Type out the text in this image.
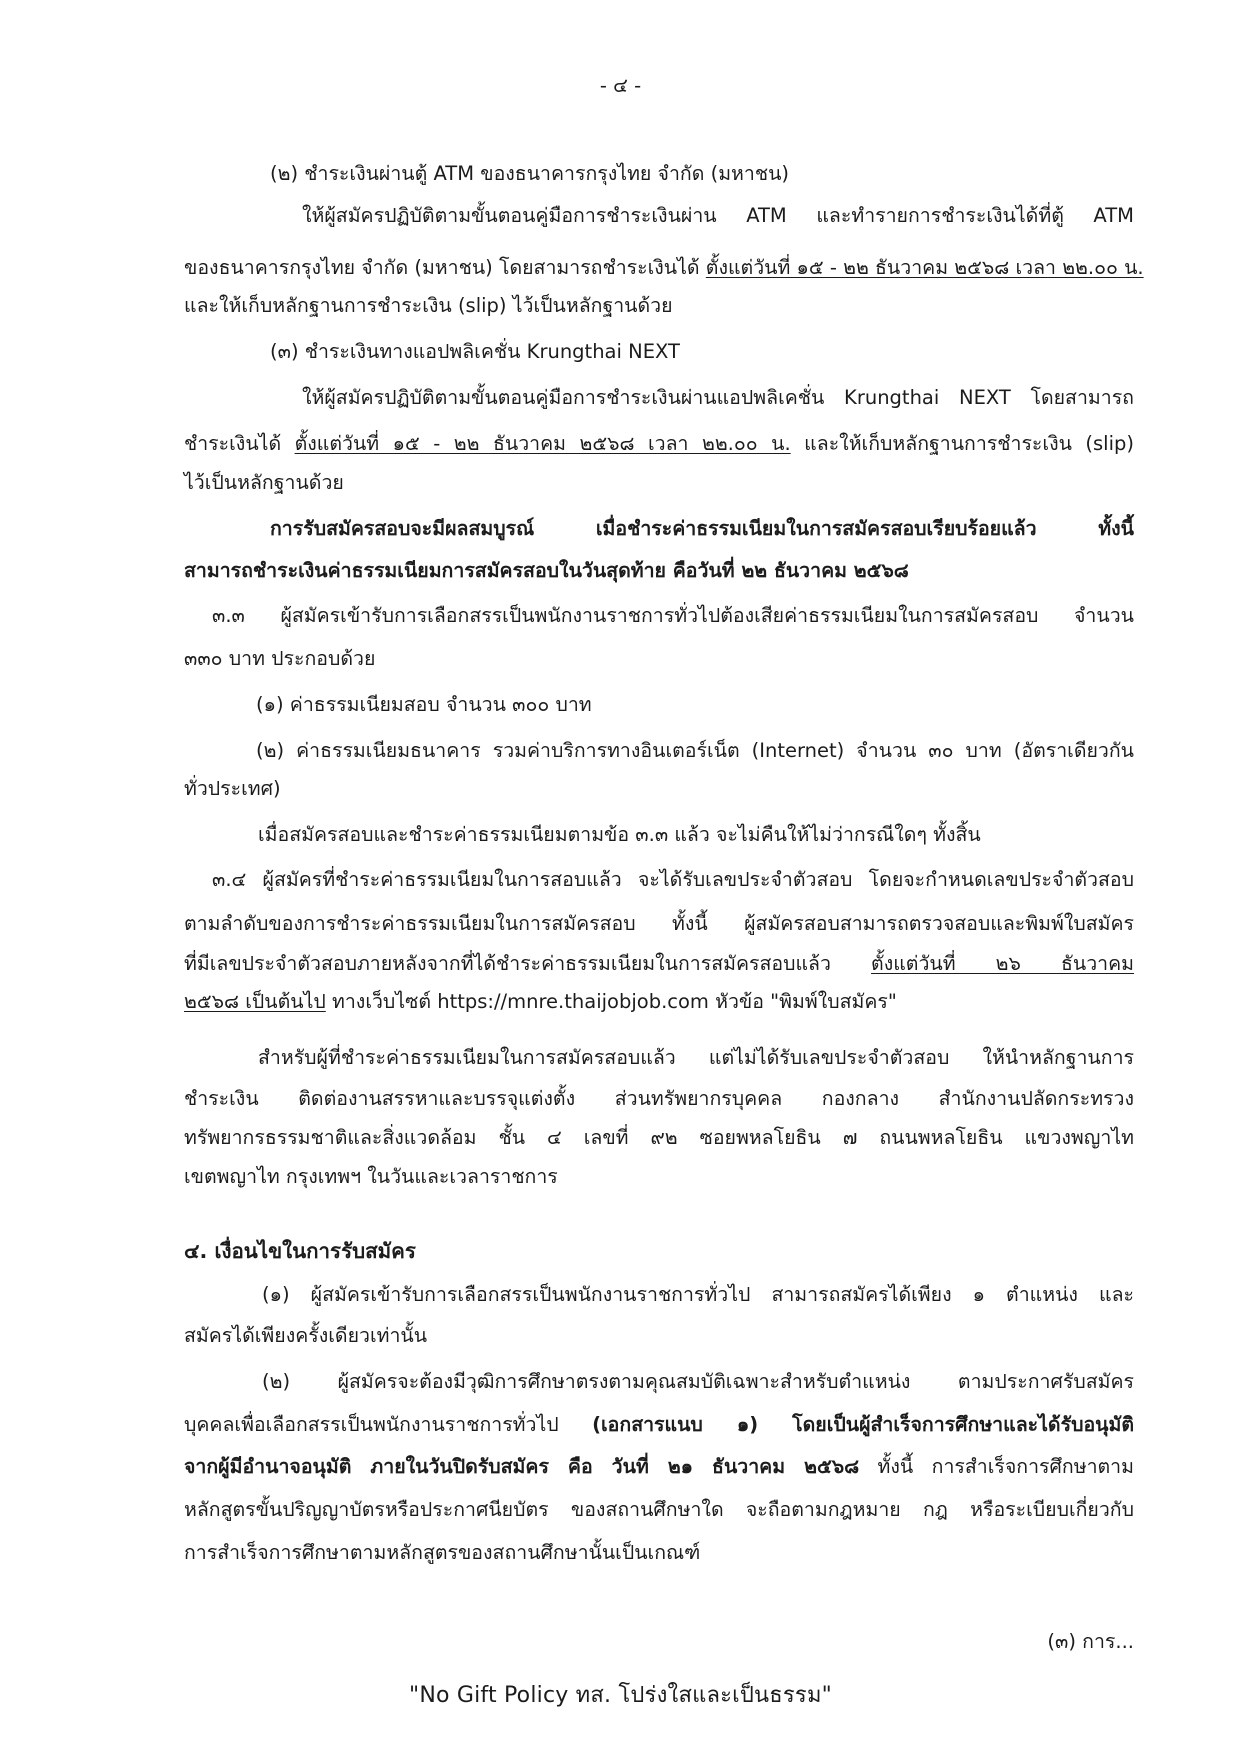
- ๔ -

(๒) ชำระเงินผ่านตู้ ATM ของธนาคารกรุงไทย จำกัด (มหาชน)

ให้ผู้สมัครปฏิบัติตามขั้นตอนคู่มือการชำระเงินผ่าน ATM และทำรายการชำระเงินได้ที่ตู้ ATM

ของธนาคารกรุงไทย จำกัด (มหาชน) โดยสามารถชำระเงินได้ ตั้งแต่วันที่ ๑๕ - ๒๒ ธันวาคม ๒๕๖๘ เวลา ๒๒.๐๐ น.

และให้เก็บหลักฐานการชำระเงิน (slip) ไว้เป็นหลักฐานด้วย

(๓) ชำระเงินทางแอปพลิเคชั่น Krungthai NEXT

ให้ผู้สมัครปฏิบัติตามขั้นตอนคู่มือการชำระเงินผ่านแอปพลิเคชั่น Krungthai NEXT โดยสามารถ

ชำระเงินได้ ตั้งแต่วันที่ ๑๕ - ๒๒ ธันวาคม ๒๕๖๘ เวลา ๒๒.๐๐ น. และให้เก็บหลักฐานการชำระเงิน (slip)

ไว้เป็นหลักฐานด้วย

การรับสมัครสอบจะมีผลสมบูรณ์ เมื่อชำระค่าธรรมเนียมในการสมัครสอบเรียบร้อยแล้ว ทั้งนี้

สามารถชำระเงินค่าธรรมเนียมการสมัครสอบในวันสุดท้าย คือวันที่ ๒๒ ธันวาคม ๒๕๖๘

๓.๓ ผู้สมัครเข้ารับการเลือกสรรเป็นพนักงานราชการทั่วไปต้องเสียค่าธรรมเนียมในการสมัครสอบ จำนวน

๓๓๐ บาท ประกอบด้วย

(๑) ค่าธรรมเนียมสอบ จำนวน ๓๐๐ บาท

(๒) ค่าธรรมเนียมธนาคาร รวมค่าบริการทางอินเตอร์เน็ต (Internet) จำนวน ๓๐ บาท (อัตราเดียวกัน

ทั่วประเทศ)

เมื่อสมัครสอบและชำระค่าธรรมเนียมตามข้อ ๓.๓ แล้ว จะไม่คืนให้ไม่ว่ากรณีใดๆ ทั้งสิ้น

๓.๔ ผู้สมัครที่ชำระค่าธรรมเนียมในการสอบแล้ว จะได้รับเลขประจำตัวสอบ โดยจะกำหนดเลขประจำตัวสอบ

ตามลำดับของการชำระค่าธรรมเนียมในการสมัครสอบ ทั้งนี้ ผู้สมัครสอบสามารถตรวจสอบและพิมพ์ใบสมัคร

ที่มีเลขประจำตัวสอบภายหลังจากที่ได้ชำระค่าธรรมเนียมในการสมัครสอบแล้ว ตั้งแต่วันที่ ๒๖ ธันวาคม

๒๕๖๘ เป็นต้นไป ทางเว็บไซต์ https://mnre.thaijobjob.com หัวข้อ "พิมพ์ใบสมัคร"

สำหรับผู้ที่ชำระค่าธรรมเนียมในการสมัครสอบแล้ว แต่ไม่ได้รับเลขประจำตัวสอบ ให้นำหลักฐานการ

ชำระเงิน ติดต่องานสรรหาและบรรจุแต่งตั้ง ส่วนทรัพยากรบุคคล กองกลาง สำนักงานปลัดกระทรวง

ทรัพยากรธรรมชาติและสิ่งแวดล้อม ชั้น ๔ เลขที่ ๙๒ ซอยพหลโยธิน ๗ ถนนพหลโยธิน แขวงพญาไท

เขตพญาไท กรุงเทพฯ ในวันและเวลาราชการ

๔. เงื่อนไขในการรับสมัคร

(๑) ผู้สมัครเข้ารับการเลือกสรรเป็นพนักงานราชการทั่วไป สามารถสมัครได้เพียง ๑ ตำแหน่ง และ

สมัครได้เพียงครั้งเดียวเท่านั้น

(๒) ผู้สมัครจะต้องมีวุฒิการศึกษาตรงตามคุณสมบัติเฉพาะสำหรับตำแหน่ง ตามประกาศรับสมัคร

บุคคลเพื่อเลือกสรรเป็นพนักงานราชการทั่วไป (เอกสารแนบ ๑) โดยเป็นผู้สำเร็จการศึกษาและได้รับอนุมัติ

จากผู้มีอำนาจอนุมัติ ภายในวันปิดรับสมัคร คือ วันที่ ๒๑ ธันวาคม ๒๕๖๘ ทั้งนี้ การสำเร็จการศึกษาตาม

หลักสูตรขั้นปริญญาบัตรหรือประกาศนียบัตร ของสถานศึกษาใด จะถือตามกฎหมาย กฎ หรือระเบียบเกี่ยวกับ

การสำเร็จการศึกษาตามหลักสูตรของสถานศึกษานั้นเป็นเกณฑ์

(๓) การ...

"No Gift Policy ทส. โปร่งใสและเป็นธรรม"
